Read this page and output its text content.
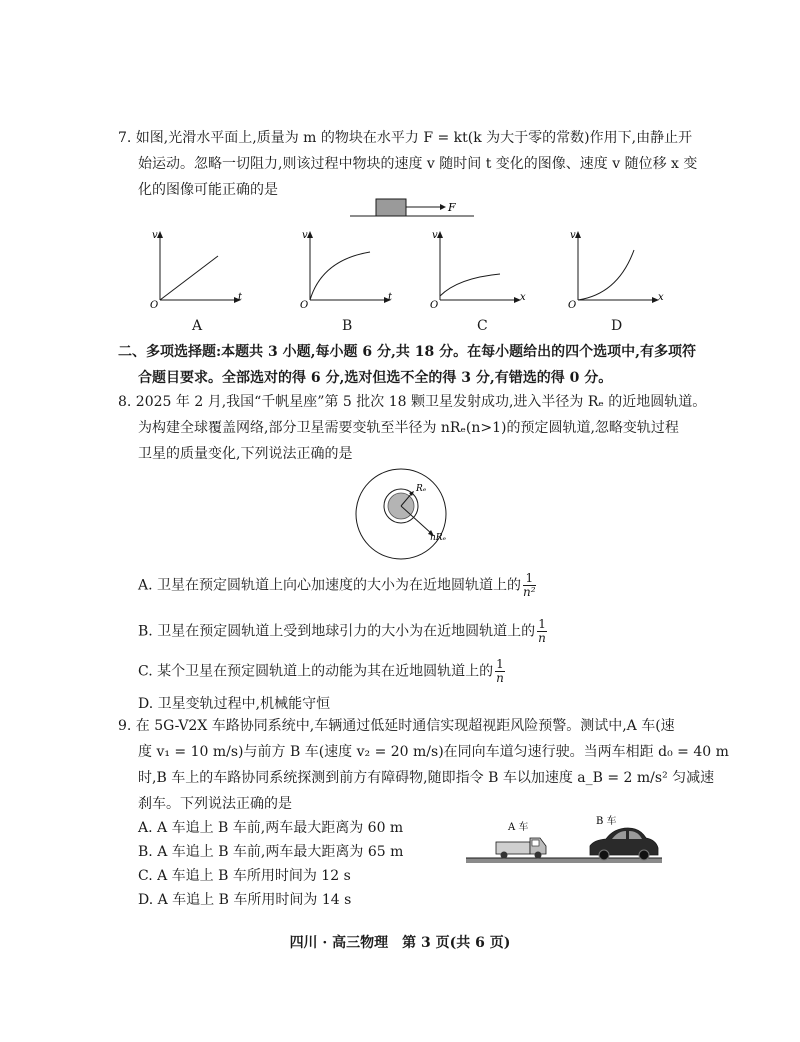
7. 如图,光滑水平面上,质量为 m 的物块在水平力 F = kt(k 为大于零的常数)作用下,由静止开
始运动。忽略一切阻力,则该过程中物块的速度 v 随时间 t 变化的图像、速度 v 随位移 x 变
化的图像可能正确的是
F
v
t
O
A
v
t
O
B
v
x
O
C
v
x
O
D
二、多项选择题:本题共 3 小题,每小题 6 分,共 18 分。在每小题给出的四个选项中,有多项符
合题目要求。全部选对的得 6 分,选对但选不全的得 3 分,有错选的得 0 分。
8. 2025 年 2 月,我国“千帆星座”第 5 批次 18 颗卫星发射成功,进入半径为 Rₑ 的近地圆轨道。
为构建全球覆盖网络,部分卫星需要变轨至半径为 nRₑ(n>1)的预定圆轨道,忽略变轨过程
卫星的质量变化,下列说法正确的是
Rₑ
nRₑ
A. 卫星在预定圆轨道上向心加速度的大小为在近地圆轨道上的 $\frac{1}{\text{n²}}$
B. 卫星在预定圆轨道上受到地球引力的大小为在近地圆轨道上的 $\frac{1}{n}$
C. 某个卫星在预定圆轨道上的动能为其在近地圆轨道上的 $\frac{1}{n}$
D. 卫星变轨过程中,机械能守恒
9. 在 5G-V2X 车路协同系统中,车辆通过低延时通信实现超视距风险预警。测试中,A 车(速
度 v₁ = 10 m/s)与前方 B 车(速度 v₂ = 20 m/s)在同向车道匀速行驶。当两车相距 d₀ = 40 m
时,B 车上的车路协同系统探测到前方有障碍物,随即指令 B 车以加速度 a_B = 2 m/s² 匀减速
刹车。下列说法正确的是
A. A 车追上 B 车前,两车最大距离为 60 m
B. A 车追上 B 车前,两车最大距离为 65 m
C. A 车追上 B 车所用时间为 12 s
D. A 车追上 B 车所用时间为 14 s
A 车
B 车
四川 · 高三物理　第 3 页(共 6 页)
